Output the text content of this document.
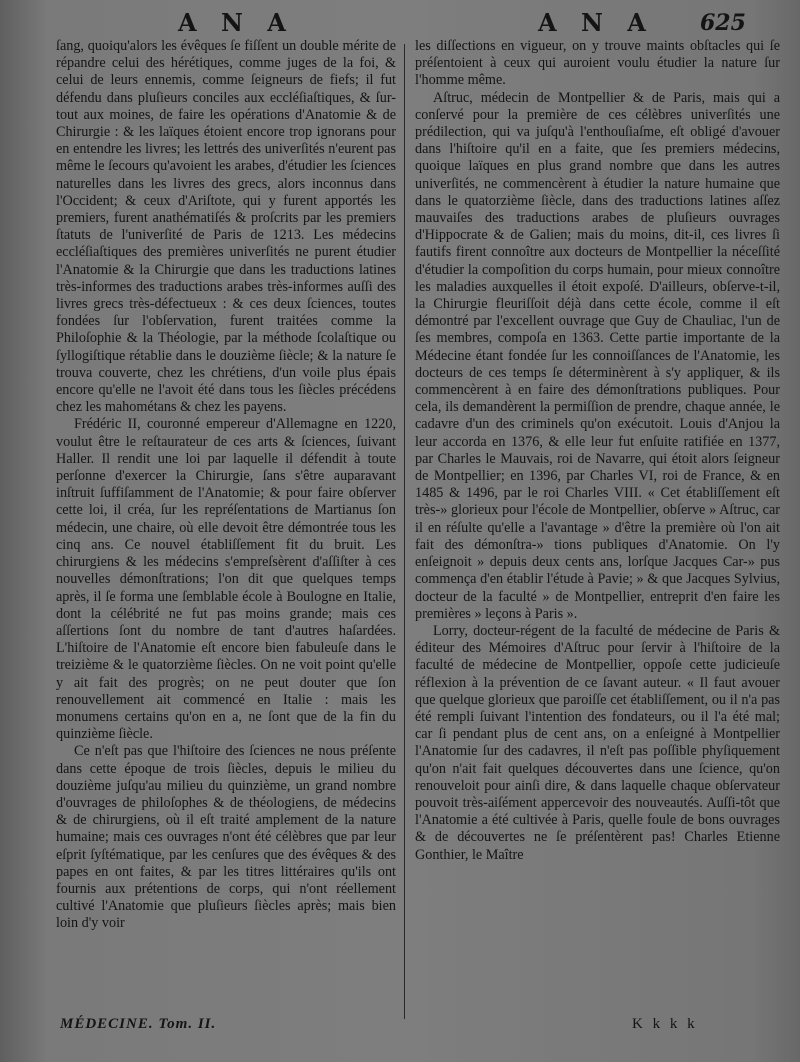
A N A	A N A 625

ſang, quoiqu'alors les évêques ſe fiſſent un double mérite de répandre celui des hérétiques, comme juges de la foi, & celui de leurs ennemis, comme ſeigneurs de fiefs; il fut défendu dans pluſieurs conciles aux eccléſiaſtiques, & ſur-tout aux moines, de faire les opérations d'Anatomie & de Chirurgie : & les laïques étoient encore trop ignorans pour en entendre les livres; les lettrés des univerſités n'eurent pas même le ſecours qu'avoient les arabes, d'étudier les ſciences naturelles dans les livres des grecs, alors inconnus dans l'Occident; & ceux d'Ariſtote, qui y furent apportés les premiers, furent anathématiſés & proſcrits par les premiers ſtatuts de l'univerſité de Paris de 1213. Les médecins eccléſiaſtiques des premières univerſités ne purent étudier l'Anatomie & la Chirurgie que dans les traductions latines très-informes des traductions arabes très-informes auſſi des livres grecs très-défectueux : & ces deux ſciences, toutes fondées ſur l'obſervation, furent traitées comme la Philoſophie & la Théologie, par la méthode ſcolaſtique ou ſyllogiſtique rétablie dans le douzième ſiècle; & la nature ſe trouva couverte, chez les chrétiens, d'un voile plus épais encore qu'elle ne l'avoit été dans tous les ſiècles précédens chez les mahométans & chez les payens.

Frédéric II, couronné empereur d'Allemagne en 1220, voulut être le reſtaurateur de ces arts & ſciences, ſuivant Haller. Il rendit une loi par laquelle il défendit à toute perſonne d'exercer la Chirurgie, ſans s'être auparavant inſtruit ſuffiſamment de l'Anatomie; & pour faire obſerver cette loi, il créa, ſur les repréſentations de Martianus ſon médecin, une chaire, où elle devoit être démontrée tous les cinq ans. Ce nouvel établiſſement fit du bruit. Les chirurgiens & les médecins s'empreſsèrent d'aſſiſter à ces nouvelles démonſtrations; l'on dit que quelques temps après, il ſe forma une ſemblable école à Boulogne en Italie, dont la célébrité ne fut pas moins grande; mais ces aſſertions ſont du nombre de tant d'autres haſardées. L'hiſtoire de l'Anatomie eſt encore bien fabuleuſe dans le treizième & le quatorzième ſiècles. On ne voit point qu'elle y ait fait des progrès; on ne peut douter que ſon renouvellement ait commencé en Italie : mais les monumens certains qu'on en a, ne ſont que de la fin du quinzième ſiècle.

Ce n'eſt pas que l'hiſtoire des ſciences ne nous préſente dans cette époque de trois ſiècles, depuis le milieu du douzième juſqu'au milieu du quinzième, un grand nombre d'ouvrages de philoſophes & de théologiens, de médecins & de chirurgiens, où il eſt traité amplement de la nature humaine; mais ces ouvrages n'ont été célèbres que par leur eſprit ſyſtématique, par les cenſures que des évêques & des papes en ont faites, & par les titres littéraires qu'ils ont fournis aux prétentions de corps, qui n'ont réellement cultivé l'Anatomie que pluſieurs ſiècles après; mais bien loin d'y voir

les diſſections en vigueur, on y trouve maints obſtacles qui ſe préſentoient à ceux qui auroient voulu étudier la nature ſur l'homme même.

Aſtruc, médecin de Montpellier & de Paris, mais qui a conſervé pour la première de ces célèbres univerſités une prédilection, qui va juſqu'à l'enthouſiaſme, eſt obligé d'avouer dans l'hiſtoire qu'il en a faite, que ſes premiers médecins, quoique laïques en plus grand nombre que dans les autres univerſités, ne commencèrent à étudier la nature humaine que dans le quatorzième ſiècle, dans des traductions latines aſſez mauvaiſes des traductions arabes de pluſieurs ouvrages d'Hippocrate & de Galien; mais du moins, dit-il, ces livres ſi fautifs firent connoître aux docteurs de Montpellier la néceſſité d'étudier la compoſition du corps humain, pour mieux connoître les maladies auxquelles il étoit expoſé. D'ailleurs, obſerve-t-il, la Chirurgie fleuriſſoit déjà dans cette école, comme il eſt démontré par l'excellent ouvrage que Guy de Chauliac, l'un de ſes membres, compoſa en 1363. Cette partie importante de la Médecine étant fondée ſur les connoiſſances de l'Anatomie, les docteurs de ces temps ſe déterminèrent à s'y appliquer, & ils commencèrent à en faire des démonſtrations publiques. Pour cela, ils demandèrent la permiſſion de prendre, chaque année, le cadavre d'un des criminels qu'on exécutoit. Louis d'Anjou la leur accorda en 1376, & elle leur fut enſuite ratifiée en 1377, par Charles le Mauvais, roi de Navarre, qui étoit alors ſeigneur de Montpellier; en 1396, par Charles VI, roi de France, & en 1485 & 1496, par le roi Charles VIII. « Cet établiſſement eſt très-» glorieux pour l'école de Montpellier, obſerve » Aſtruc, car il en réſulte qu'elle a l'avantage » d'être la première où l'on ait fait des démonſtra-» tions publiques d'Anatomie. On l'y enſeignoit » depuis deux cents ans, lorſque Jacques Car-» pus commença d'en établir l'étude à Pavie; » & que Jacques Sylvius, docteur de la faculté » de Montpellier, entreprit d'en faire les premières » leçons à Paris ».

Lorry, docteur-régent de la faculté de médecine de Paris & éditeur des Mémoires d'Aſtruc pour ſervir à l'hiſtoire de la faculté de médecine de Montpellier, oppoſe cette judicieuſe réflexion à la prévention de ce ſavant auteur. « Il faut avouer que quelque glorieux que paroiſſe cet établiſſement, ou il n'a pas été rempli ſuivant l'intention des fondateurs, ou il l'a été mal; car ſi pendant plus de cent ans, on a enſeigné à Montpellier l'Anatomie ſur des cadavres, il n'eſt pas poſſible phyſiquement qu'on n'ait fait quelques découvertes dans une ſcience, qu'on renouveloit pour ainſi dire, & dans laquelle chaque obſervateur pouvoit très-aiſément appercevoir des nouveautés. Auſſi-tôt que l'Anatomie a été cultivée à Paris, quelle foule de bons ouvrages & de découvertes ne ſe préſentèrent pas! Charles Etienne Gonthier, le Maître

MÉDECINE. Tom. II.	K k k k
